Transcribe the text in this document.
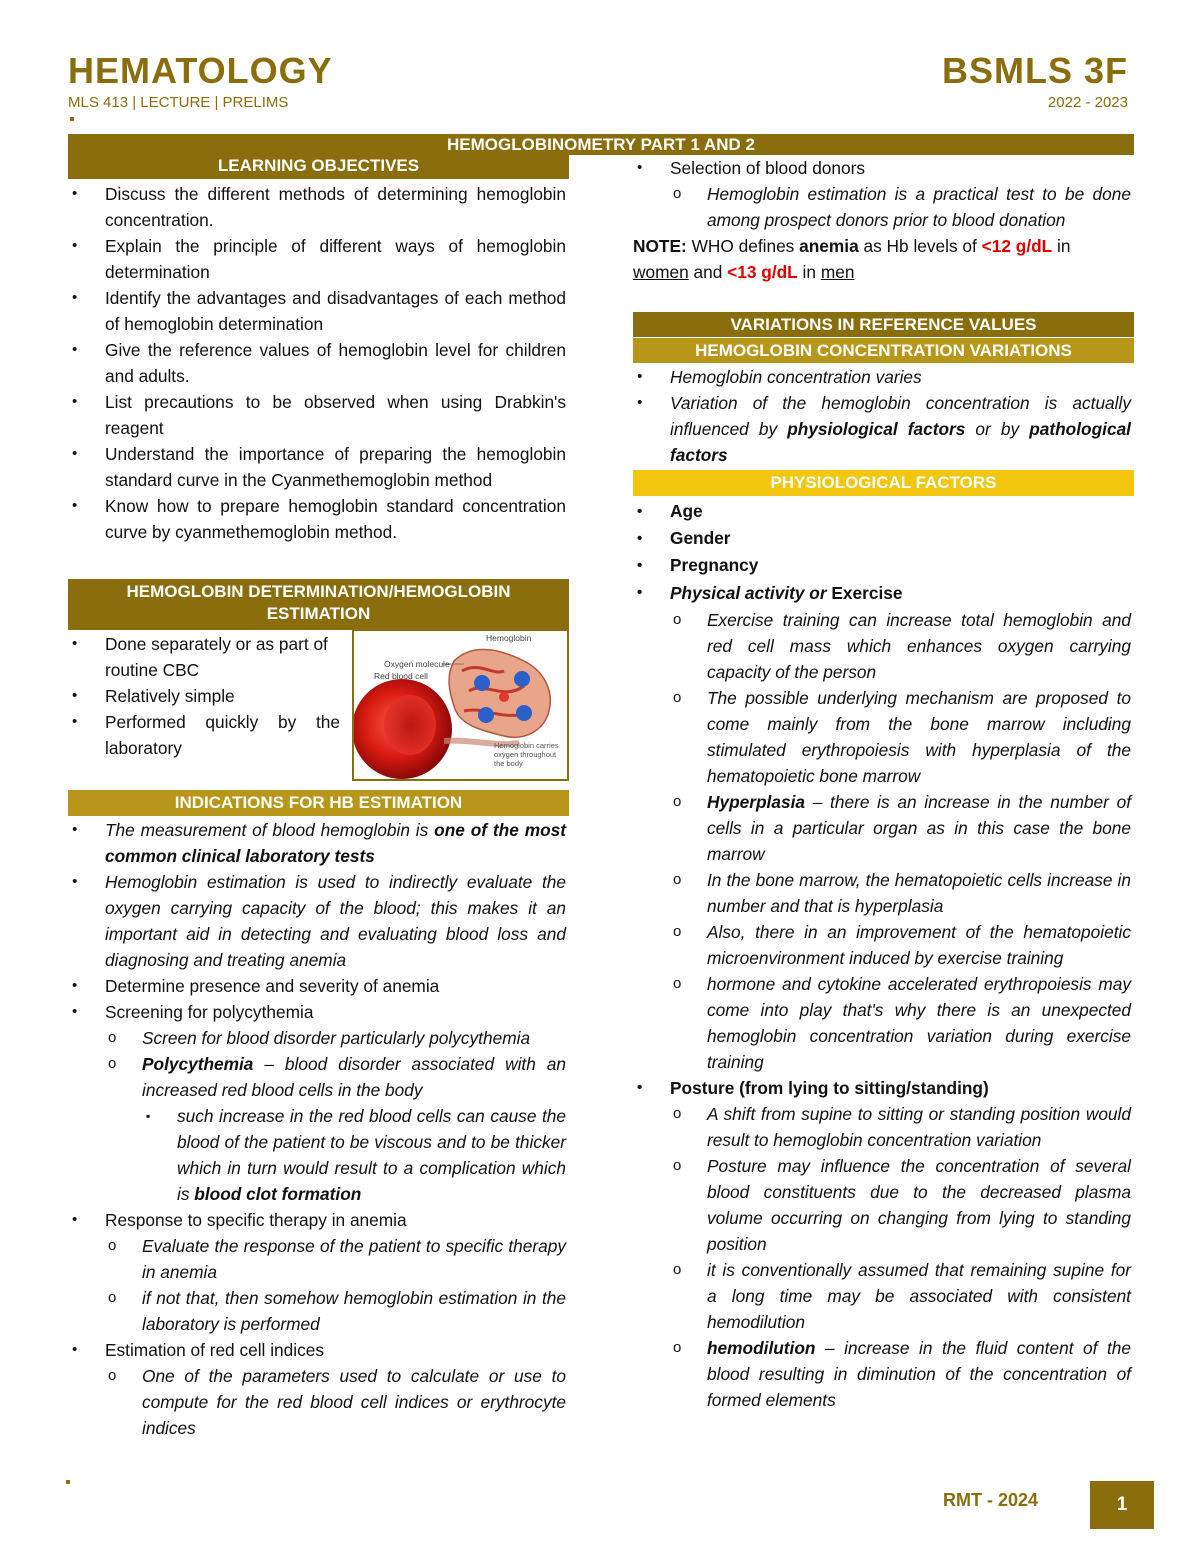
HEMATOLOGY
MLS 413 | LECTURE | PRELIMS
BSMLS 3F
2022 - 2023
HEMOGLOBINOMETRY PART 1 AND 2
LEARNING OBJECTIVES

• Discuss the different methods of determining hemoglobin concentration.

• Explain the principle of different ways of hemoglobin determination

• Identify the advantages and disadvantages of each method of hemoglobin determination

• Give the reference values of hemoglobin level for children and adults.

• List precautions to be observed when using Drabkin's reagent

• Understand the importance of preparing the hemoglobin standard curve in the Cyanmethemoglobin method

• Know how to prepare hemoglobin standard concentration curve by cyanmethemoglobin method.

HEMOGLOBIN DETERMINATION/HEMOGLOBIN ESTIMATION

• Done separately or as part of routine CBC

• Relatively simple

• Performed quickly by the laboratory

Oxygen molecule
Red blood cell
Hemoglobin
Hemoglobin carries oxygen throughout the body
INDICATIONS FOR HB ESTIMATION

• The measurement of blood hemoglobin is one of the most common clinical laboratory tests

• Hemoglobin estimation is used to indirectly evaluate the oxygen carrying capacity of the blood; this makes it an important aid in detecting and evaluating blood loss and diagnosing and treating anemia

• Determine presence and severity of anemia

• Screening for polycythemia

o Screen for blood disorder particularly polycythemia

o Polycythemia – blood disorder associated with an increased red blood cells in the body

▪ such increase in the red blood cells can cause the blood of the patient to be viscous and to be thicker which in turn would result to a complication which is blood clot formation

• Response to specific therapy in anemia

o Evaluate the response of the patient to specific therapy in anemia

o if not that, then somehow hemoglobin estimation in the laboratory is performed

• Estimation of red cell indices

o One of the parameters used to calculate or use to compute for the red blood cell indices or erythrocyte indices

• Selection of blood donors

o Hemoglobin estimation is a practical test to be done among prospect donors prior to blood donation

NOTE: WHO defines anemia as Hb levels of <12 g/dL in women and <13 g/dL in men

VARIATIONS IN REFERENCE VALUES
HEMOGLOBIN CONCENTRATION VARIATIONS

• Hemoglobin concentration varies

• Variation of the hemoglobin concentration is actually influenced by physiological factors or by pathological factors

PHYSIOLOGICAL FACTORS

• Age

• Gender

• Pregnancy

• Physical activity or Exercise

o Exercise training can increase total hemoglobin and red cell mass which enhances oxygen carrying capacity of the person

o The possible underlying mechanism are proposed to come mainly from the bone marrow including stimulated erythropoiesis with hyperplasia of the hematopoietic bone marrow

o Hyperplasia – there is an increase in the number of cells in a particular organ as in this case the bone marrow

o In the bone marrow, the hematopoietic cells increase in number and that is hyperplasia

o Also, there in an improvement of the hematopoietic microenvironment induced by exercise training

o hormone and cytokine accelerated erythropoiesis may come into play that's why there is an unexpected hemoglobin concentration variation during exercise training

• Posture (from lying to sitting/standing)

o A shift from supine to sitting or standing position would result to hemoglobin concentration variation

o Posture may influence the concentration of several blood constituents due to the decreased plasma volume occurring on changing from lying to standing position

o it is conventionally assumed that remaining supine for a long time may be associated with consistent hemodilution

o hemodilution – increase in the fluid content of the blood resulting in diminution of the concentration of formed elements

RMT - 2024	1
